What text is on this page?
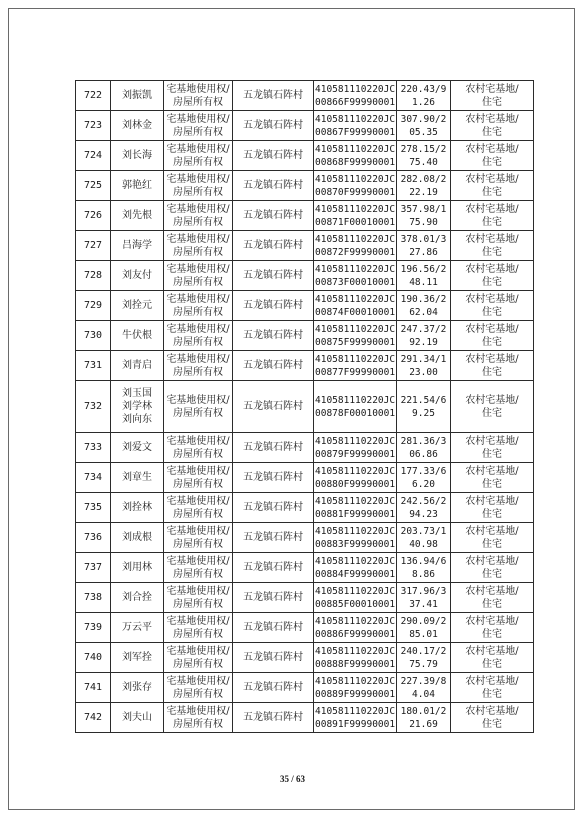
722	刘振凯	宅基地使用权/
房屋所有权	五龙镇石阵村	410581110220JC
00866F99990001	220.43/9
1.26	农村宅基地/
住宅

723	刘林金	宅基地使用权/
房屋所有权	五龙镇石阵村	410581110220JC
00867F99990001	307.90/2
05.35	农村宅基地/
住宅

724	刘长海	宅基地使用权/
房屋所有权	五龙镇石阵村	410581110220JC
00868F99990001	278.15/2
75.40	农村宅基地/
住宅

725	郭艳红	宅基地使用权/
房屋所有权	五龙镇石阵村	410581110220JC
00870F99990001	282.08/2
22.19	农村宅基地/
住宅

726	刘先根	宅基地使用权/
房屋所有权	五龙镇石阵村	410581110220JC
00871F00010001	357.98/1
75.90	农村宅基地/
住宅

727	吕海学	宅基地使用权/
房屋所有权	五龙镇石阵村	410581110220JC
00872F99990001	378.01/3
27.86	农村宅基地/
住宅

728	刘友付	宅基地使用权/
房屋所有权	五龙镇石阵村	410581110220JC
00873F00010001	196.56/2
48.11	农村宅基地/
住宅

729	刘拴元	宅基地使用权/
房屋所有权	五龙镇石阵村	410581110220JC
00874F00010001	190.36/2
62.04	农村宅基地/
住宅

730	牛伏根	宅基地使用权/
房屋所有权	五龙镇石阵村	410581110220JC
00875F99990001	247.37/2
92.19	农村宅基地/
住宅

731	刘青启	宅基地使用权/
房屋所有权	五龙镇石阵村	410581110220JC
00877F99990001	291.34/1
23.00	农村宅基地/
住宅

732	刘玉国
刘学林
刘向东	宅基地使用权/
房屋所有权	五龙镇石阵村	410581110220JC
00878F00010001	221.54/6
9.25	农村宅基地/
住宅

733	刘爱文	宅基地使用权/
房屋所有权	五龙镇石阵村	410581110220JC
00879F99990001	281.36/3
06.86	农村宅基地/
住宅

734	刘章生	宅基地使用权/
房屋所有权	五龙镇石阵村	410581110220JC
00880F99990001	177.33/6
6.20	农村宅基地/
住宅

735	刘拴林	宅基地使用权/
房屋所有权	五龙镇石阵村	410581110220JC
00881F99990001	242.56/2
94.23	农村宅基地/
住宅

736	刘成根	宅基地使用权/
房屋所有权	五龙镇石阵村	410581110220JC
00883F99990001	203.73/1
40.98	农村宅基地/
住宅

737	刘用林	宅基地使用权/
房屋所有权	五龙镇石阵村	410581110220JC
00884F99990001	136.94/6
8.86	农村宅基地/
住宅

738	刘合拴	宅基地使用权/
房屋所有权	五龙镇石阵村	410581110220JC
00885F00010001	317.96/3
37.41	农村宅基地/
住宅

739	万云平	宅基地使用权/
房屋所有权	五龙镇石阵村	410581110220JC
00886F99990001	290.09/2
85.01	农村宅基地/
住宅

740	刘军拴	宅基地使用权/
房屋所有权	五龙镇石阵村	410581110220JC
00888F99990001	240.17/2
75.79	农村宅基地/
住宅

741	刘张存	宅基地使用权/
房屋所有权	五龙镇石阵村	410581110220JC
00889F99990001	227.39/8
4.04	农村宅基地/
住宅

742	刘夫山	宅基地使用权/
房屋所有权	五龙镇石阵村	410581110220JC
00891F99990001	180.01/2
21.69	农村宅基地/
住宅
35 / 63
